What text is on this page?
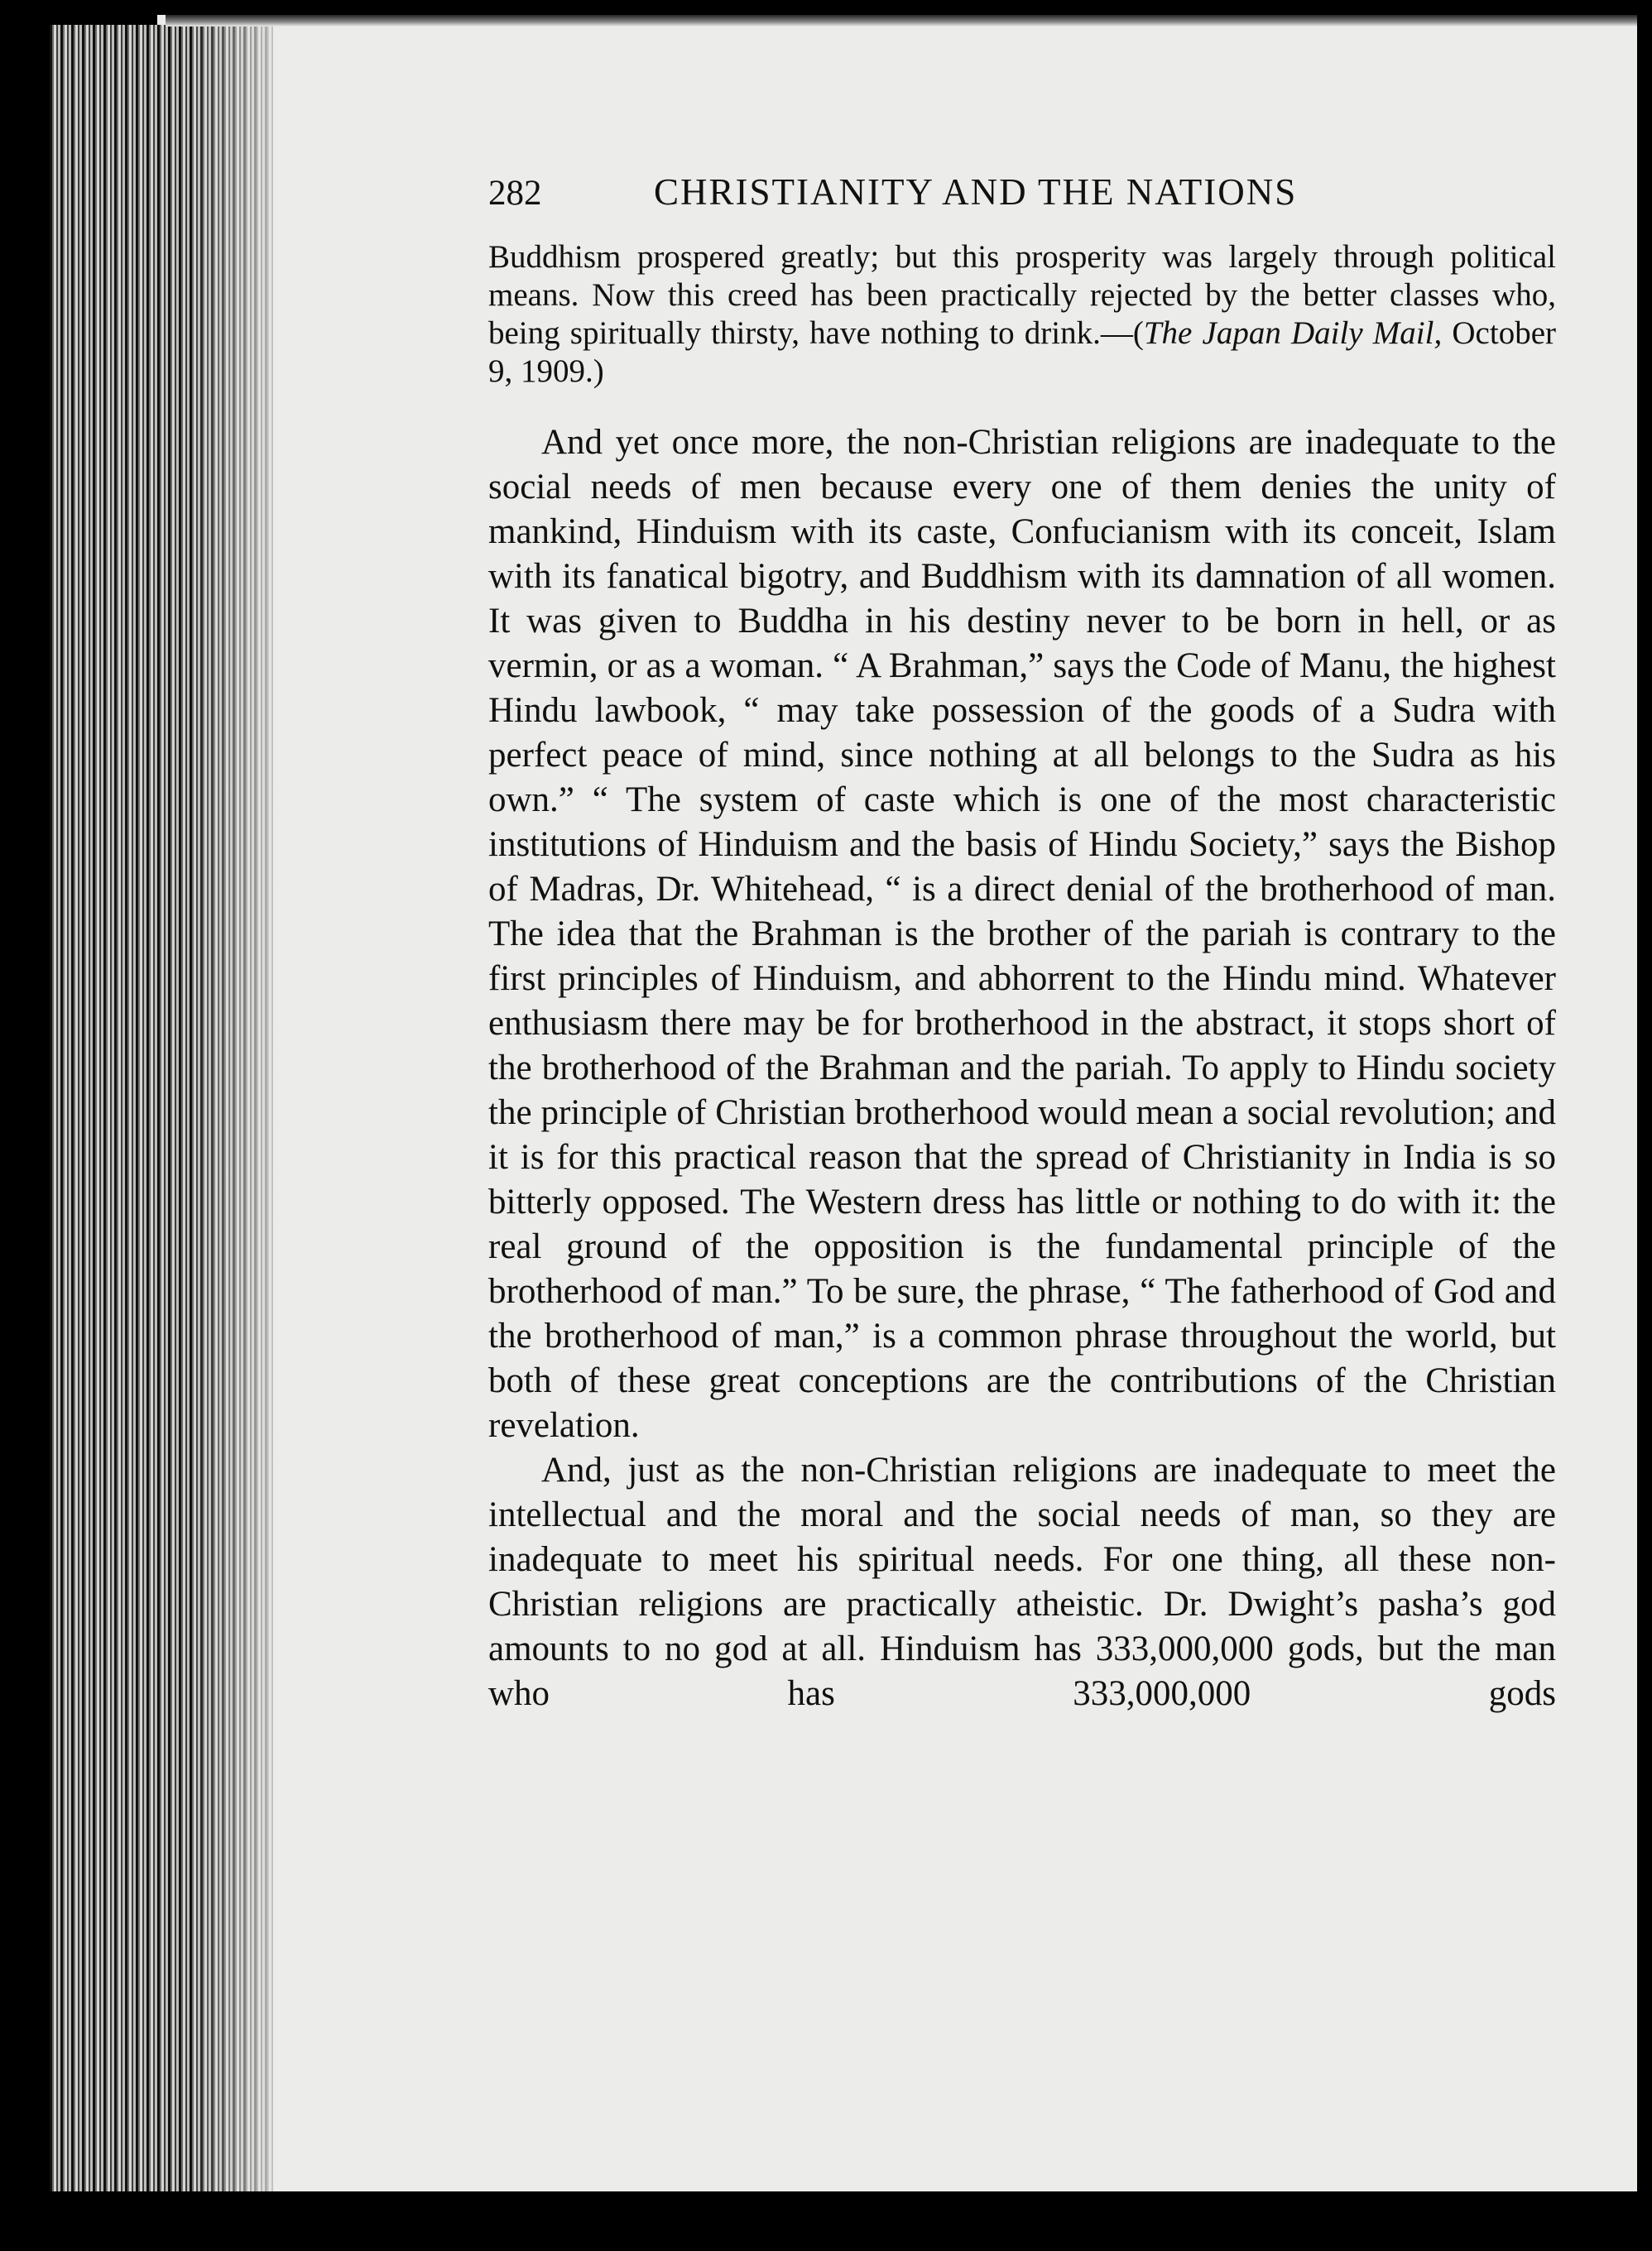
282	CHRISTIANITY AND THE NATIONS

Buddhism prospered greatly; but this prosperity was largely through political means. Now this creed has been practically rejected by the better classes who, being spiritually thirsty, have nothing to drink.—(The Japan Daily Mail, October 9, 1909.)

And yet once more, the non-Christian religions are inadequate to the social needs of men because every one of them denies the unity of mankind, Hinduism with its caste, Confucianism with its conceit, Islam with its fanatical bigotry, and Buddhism with its damnation of all women. It was given to Buddha in his destiny never to be born in hell, or as vermin, or as a woman. “ A Brahman,” says the Code of Manu, the highest Hindu lawbook, “ may take possession of the goods of a Sudra with perfect peace of mind, since nothing at all belongs to the Sudra as his own.” “ The system of caste which is one of the most characteristic institutions of Hinduism and the basis of Hindu Society,” says the Bishop of Madras, Dr. Whitehead, “ is a direct denial of the brotherhood of man. The idea that the Brahman is the brother of the pariah is contrary to the first principles of Hinduism, and abhorrent to the Hindu mind. Whatever enthusiasm there may be for brotherhood in the abstract, it stops short of the brotherhood of the Brahman and the pariah. To apply to Hindu society the principle of Christian brotherhood would mean a social revolution; and it is for this practical reason that the spread of Christianity in India is so bitterly opposed. The Western dress has little or nothing to do with it: the real ground of the opposition is the fundamental principle of the brotherhood of man.” To be sure, the phrase, “ The fatherhood of God and the brotherhood of man,” is a common phrase throughout the world, but both of these great conceptions are the contributions of the Christian revelation.

And, just as the non-Christian religions are inadequate to meet the intellectual and the moral and the social needs of man, so they are inadequate to meet his spiritual needs. For one thing, all these non-Christian religions are practically atheistic. Dr. Dwight’s pasha’s god amounts to no god at all. Hinduism has 333,000,000 gods, but the man who has 333,000,000 gods
